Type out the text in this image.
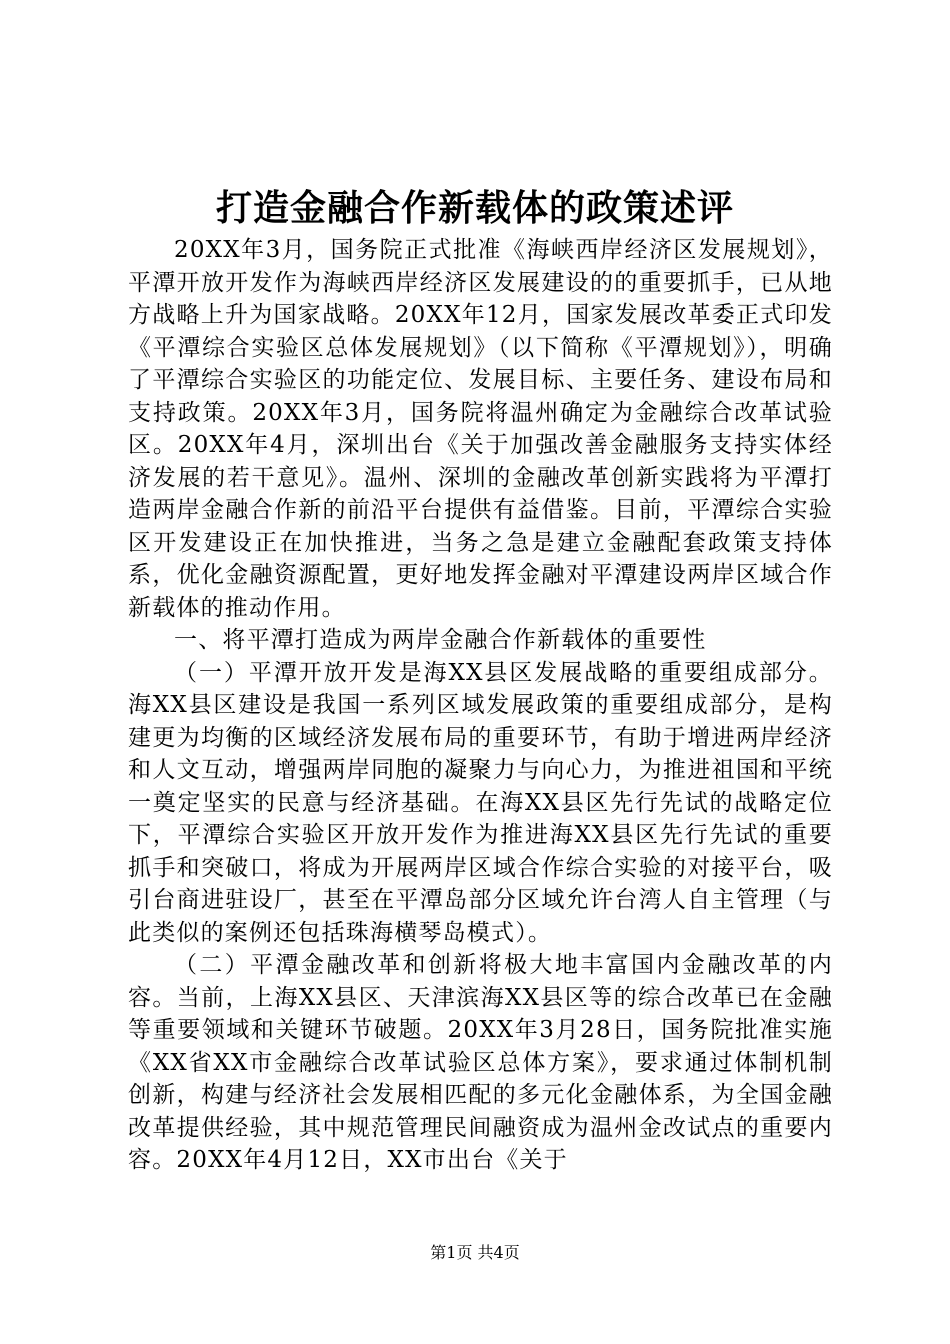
打造金融合作新载体的政策述评

20XX年3月，国务院正式批准《海峡西岸经济区发展规划》，平潭开放开发作为海峡西岸经济区发展建设的的重要抓手，已从地方战略上升为国家战略。20XX年12月，国家发展改革委正式印发《平潭综合实验区总体发展规划》（以下简称《平潭规划》），明确了平潭综合实验区的功能定位、发展目标、主要任务、建设布局和支持政策。20XX年3月，国务院将温州确定为金融综合改革试验区。20XX年4月，深圳出台《关于加强改善金融服务支持实体经济发展的若干意见》。温州、深圳的金融改革创新实践将为平潭打造两岸金融合作新的前沿平台提供有益借鉴。目前，平潭综合实验区开发建设正在加快推进，当务之急是建立金融配套政策支持体系，优化金融资源配置，更好地发挥金融对平潭建设两岸区域合作新载体的推动作用。

一、将平潭打造成为两岸金融合作新载体的重要性

（一）平潭开放开发是海XX县区发展战略的重要组成部分。海XX县区建设是我国一系列区域发展政策的重要组成部分，是构建更为均衡的区域经济发展布局的重要环节，有助于增进两岸经济和人文互动，增强两岸同胞的凝聚力与向心力，为推进祖国和平统一奠定坚实的民意与经济基础。在海XX县区先行先试的战略定位下，平潭综合实验区开放开发作为推进海XX县区先行先试的重要抓手和突破口，将成为开展两岸区域合作综合实验的对接平台，吸引台商进驻设厂，甚至在平潭岛部分区域允许台湾人自主管理（与此类似的案例还包括珠海横琴岛模式）。

（二）平潭金融改革和创新将极大地丰富国内金融改革的内容。当前，上海XX县区、天津滨海XX县区等的综合改革已在金融等重要领域和关键环节破题。20XX年3月28日，国务院批准实施《XX省XX市金融综合改革试验区总体方案》，要求通过体制机制创新，构建与经济社会发展相匹配的多元化金融体系，为全国金融改革提供经验，其中规范管理民间融资成为温州金改试点的重要内容。20XX年4月12日，XX市出台《关于

第1页 共4页
